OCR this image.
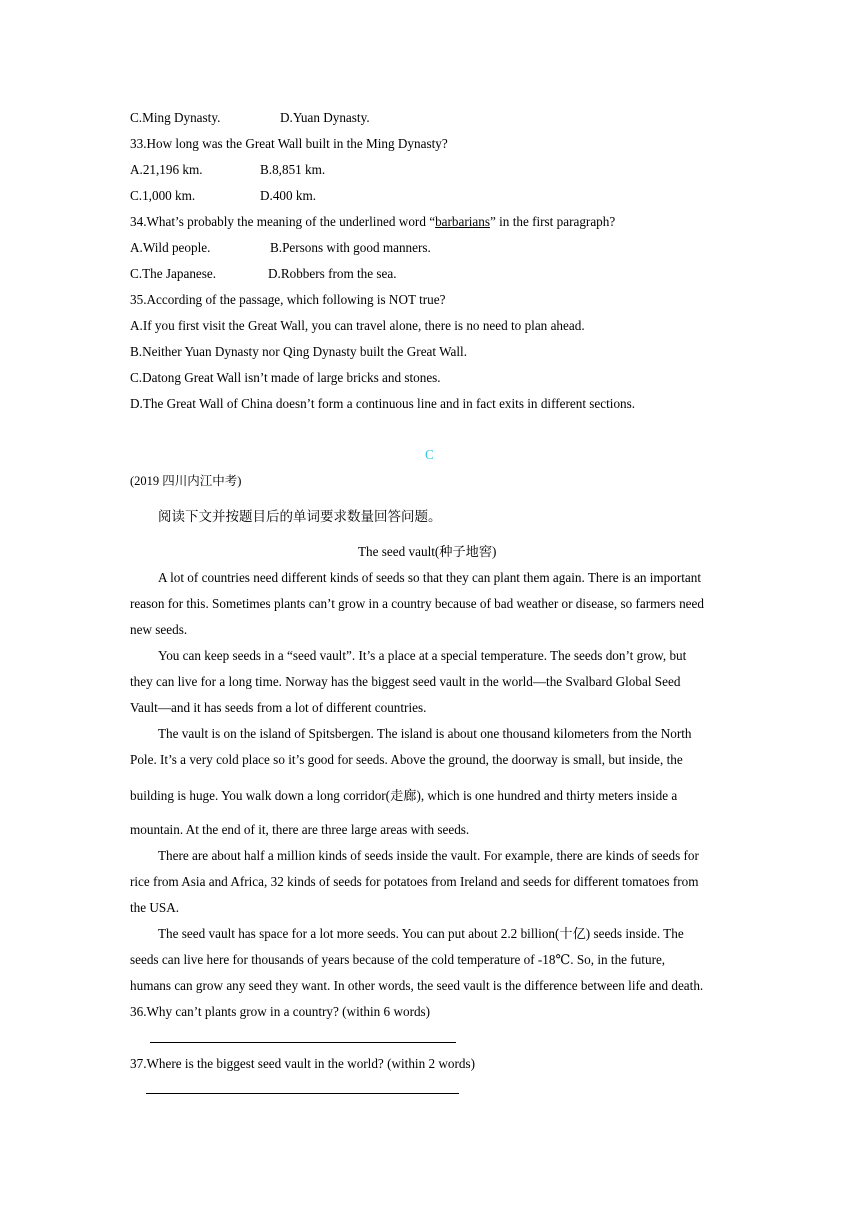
C.Ming Dynasty.	D.Yuan Dynasty.
33.How long was the Great Wall built in the Ming Dynasty?
A.21,196 km.	B.8,851 km.
C.1,000 km.	D.400 km.
34.What’s probably the meaning of the underlined word “barbarians” in the first paragraph?
A.Wild people.	B.Persons with good manners.
C.The Japanese.	D.Robbers from the sea.
35.According of the passage, which following is NOT true?
A.If you first visit the Great Wall, you can travel alone, there is no need to plan ahead.
B.Neither Yuan Dynasty nor Qing Dynasty built the Great Wall.
C.Datong Great Wall isn’t made of large bricks and stones.
D.The Great Wall of China doesn’t form a continuous line and in fact exits in different sections.
C
(2019 四川内江中考)
阅读下文并按题目后的单词要求数量回答问题。
The seed vault(种子地窖)
A lot of countries need different kinds of seeds so that they can plant them again. There is an important
reason for this. Sometimes plants can’t grow in a country because of bad weather or disease, so farmers need
new seeds.
You can keep seeds in a “seed vault”. It’s a place at a special temperature. The seeds don’t grow, but
they can live for a long time. Norway has the biggest seed vault in the world—the Svalbard Global Seed
Vault—and it has seeds from a lot of different countries.
The vault is on the island of Spitsbergen. The island is about one thousand kilometers from the North
Pole. It’s a very cold place so it’s good for seeds. Above the ground, the doorway is small, but inside, the
building is huge. You walk down a long corridor(走廊), which is one hundred and thirty meters inside a
mountain. At the end of it, there are three large areas with seeds.
There are about half a million kinds of seeds inside the vault. For example, there are kinds of seeds for
rice from Asia and Africa, 32 kinds of seeds for potatoes from Ireland and seeds for different tomatoes from
the USA.
The seed vault has space for a lot more seeds. You can put about 2.2 billion(十亿) seeds inside. The
seeds can live here for thousands of years because of the cold temperature of -18℃. So, in the future,
humans can grow any seed they want. In other words, the seed vault is the difference between life and death.
36.Why can’t plants grow in a country? (within 6 words)
37.Where is the biggest seed vault in the world? (within 2 words)
